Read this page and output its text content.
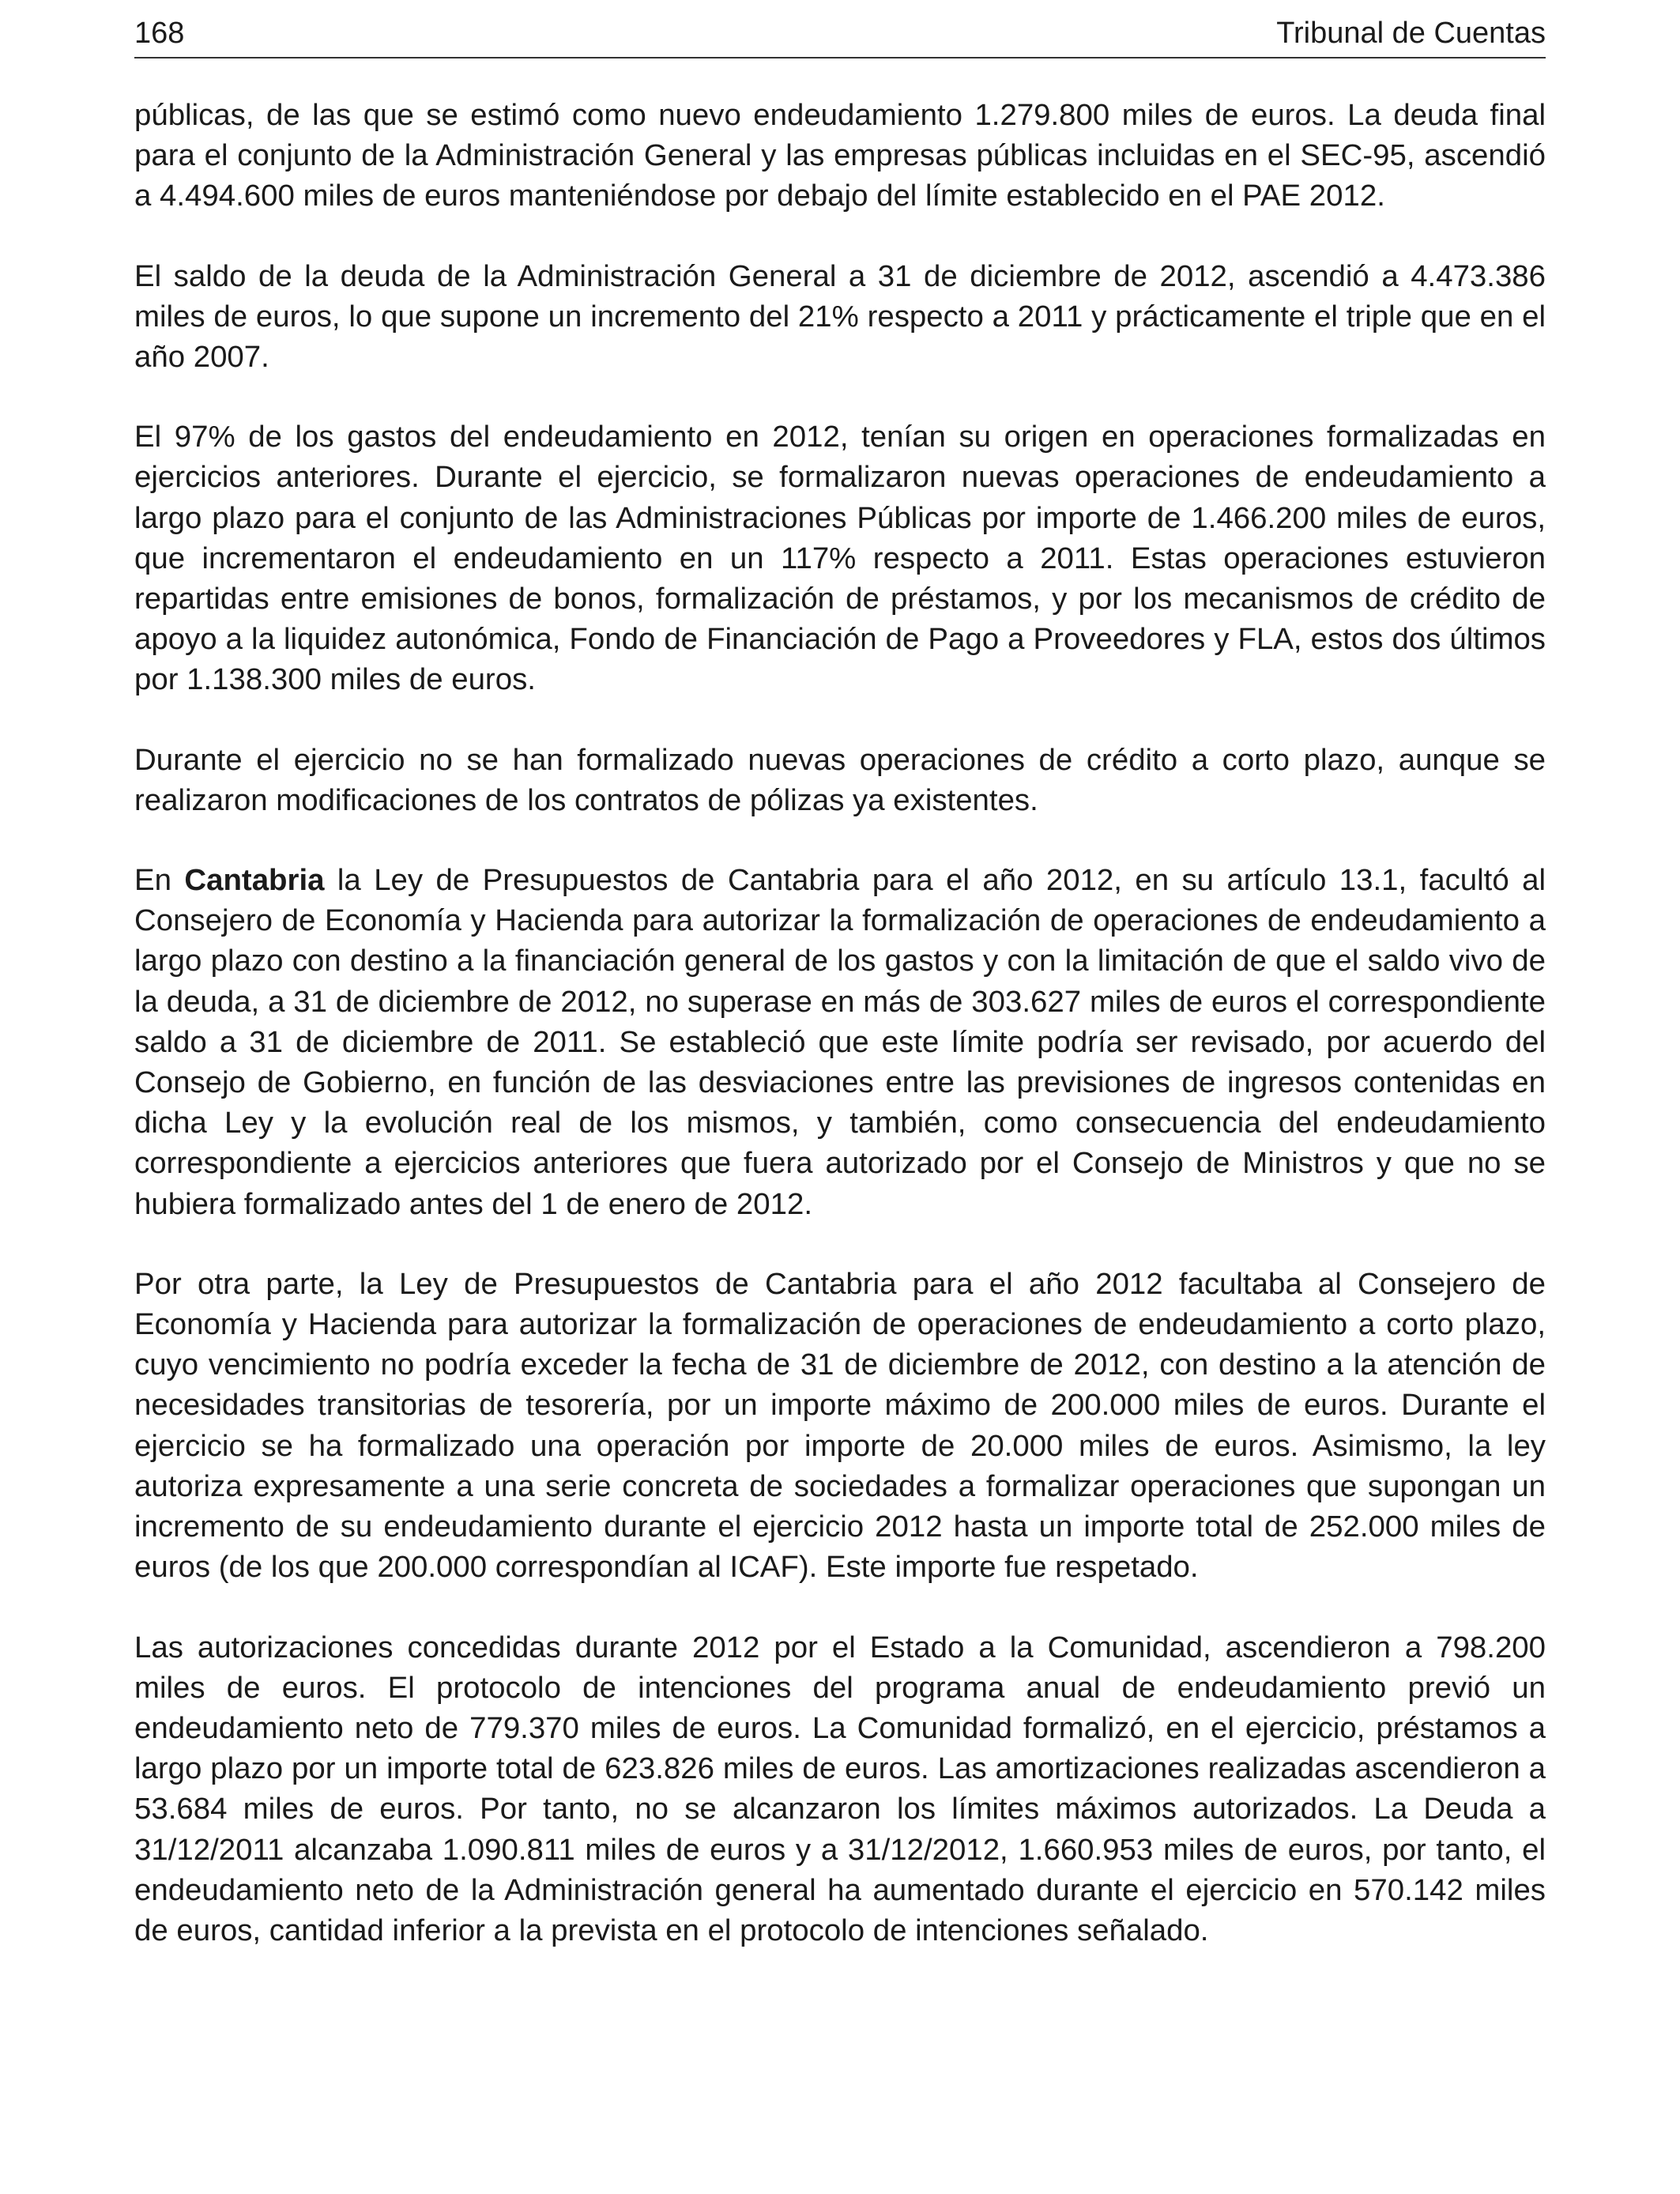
168	Tribunal de Cuentas

públicas, de las que se estimó como nuevo endeudamiento 1.279.800 miles de euros. La deuda final para el conjunto de la Administración General y las empresas públicas incluidas en el SEC-95, ascendió a 4.494.600 miles de euros manteniéndose por debajo del límite establecido en el PAE 2012.

El saldo de la deuda de la Administración General a 31 de diciembre de 2012, ascendió a 4.473.386 miles de euros, lo que supone un incremento del 21% respecto a 2011 y prácticamente el triple que en el año 2007.

El 97% de los gastos del endeudamiento en 2012, tenían su origen en operaciones formalizadas en ejercicios anteriores. Durante el ejercicio, se formalizaron nuevas operaciones de endeudamiento a largo plazo para el conjunto de las Administraciones Públicas por importe de 1.466.200 miles de euros, que incrementaron el endeudamiento en un 117% respecto a 2011. Estas operaciones estuvieron repartidas entre emisiones de bonos, formalización de préstamos, y por los mecanismos de crédito de apoyo a la liquidez autonómica, Fondo de Financiación de Pago a Proveedores y FLA, estos dos últimos por 1.138.300 miles de euros.

Durante el ejercicio no se han formalizado nuevas operaciones de crédito a corto plazo, aunque se realizaron modificaciones de los contratos de pólizas ya existentes.

En Cantabria la Ley de Presupuestos de Cantabria para el año 2012, en su artículo 13.1, facultó al Consejero de Economía y Hacienda para autorizar la formalización de operaciones de endeudamiento a largo plazo con destino a la financiación general de los gastos y con la limitación de que el saldo vivo de la deuda, a 31 de diciembre de 2012, no superase en más de 303.627 miles de euros el correspondiente saldo a 31 de diciembre de 2011. Se estableció que este límite podría ser revisado, por acuerdo del Consejo de Gobierno, en función de las desviaciones entre las previsiones de ingresos contenidas en dicha Ley y la evolución real de los mismos, y también, como consecuencia del endeudamiento correspondiente a ejercicios anteriores que fuera autorizado por el Consejo de Ministros y que no se hubiera formalizado antes del 1 de enero de 2012.

Por otra parte, la Ley de Presupuestos de Cantabria para el año 2012 facultaba al Consejero de Economía y Hacienda para autorizar la formalización de operaciones de endeudamiento a corto plazo, cuyo vencimiento no podría exceder la fecha de 31 de diciembre de 2012, con destino a la atención de necesidades transitorias de tesorería, por un importe máximo de 200.000 miles de euros. Durante el ejercicio se ha formalizado una operación por importe de 20.000 miles de euros. Asimismo, la ley autoriza expresamente a una serie concreta de sociedades a formalizar operaciones que supongan un incremento de su endeudamiento durante el ejercicio 2012 hasta un importe total de 252.000 miles de euros (de los que 200.000 correspondían al ICAF). Este importe fue respetado.

Las autorizaciones concedidas durante 2012 por el Estado a la Comunidad, ascendieron a 798.200 miles de euros. El protocolo de intenciones del programa anual de endeudamiento previó un endeudamiento neto de 779.370 miles de euros. La Comunidad formalizó, en el ejercicio, préstamos a largo plazo por un importe total de 623.826 miles de euros. Las amortizaciones realizadas ascendieron a 53.684 miles de euros. Por tanto, no se alcanzaron los límites máximos autorizados. La Deuda a 31/12/2011 alcanzaba 1.090.811 miles de euros y a 31/12/2012, 1.660.953 miles de euros, por tanto, el endeudamiento neto de la Administración general ha aumentado durante el ejercicio en 570.142 miles de euros, cantidad inferior a la prevista en el protocolo de intenciones señalado.
